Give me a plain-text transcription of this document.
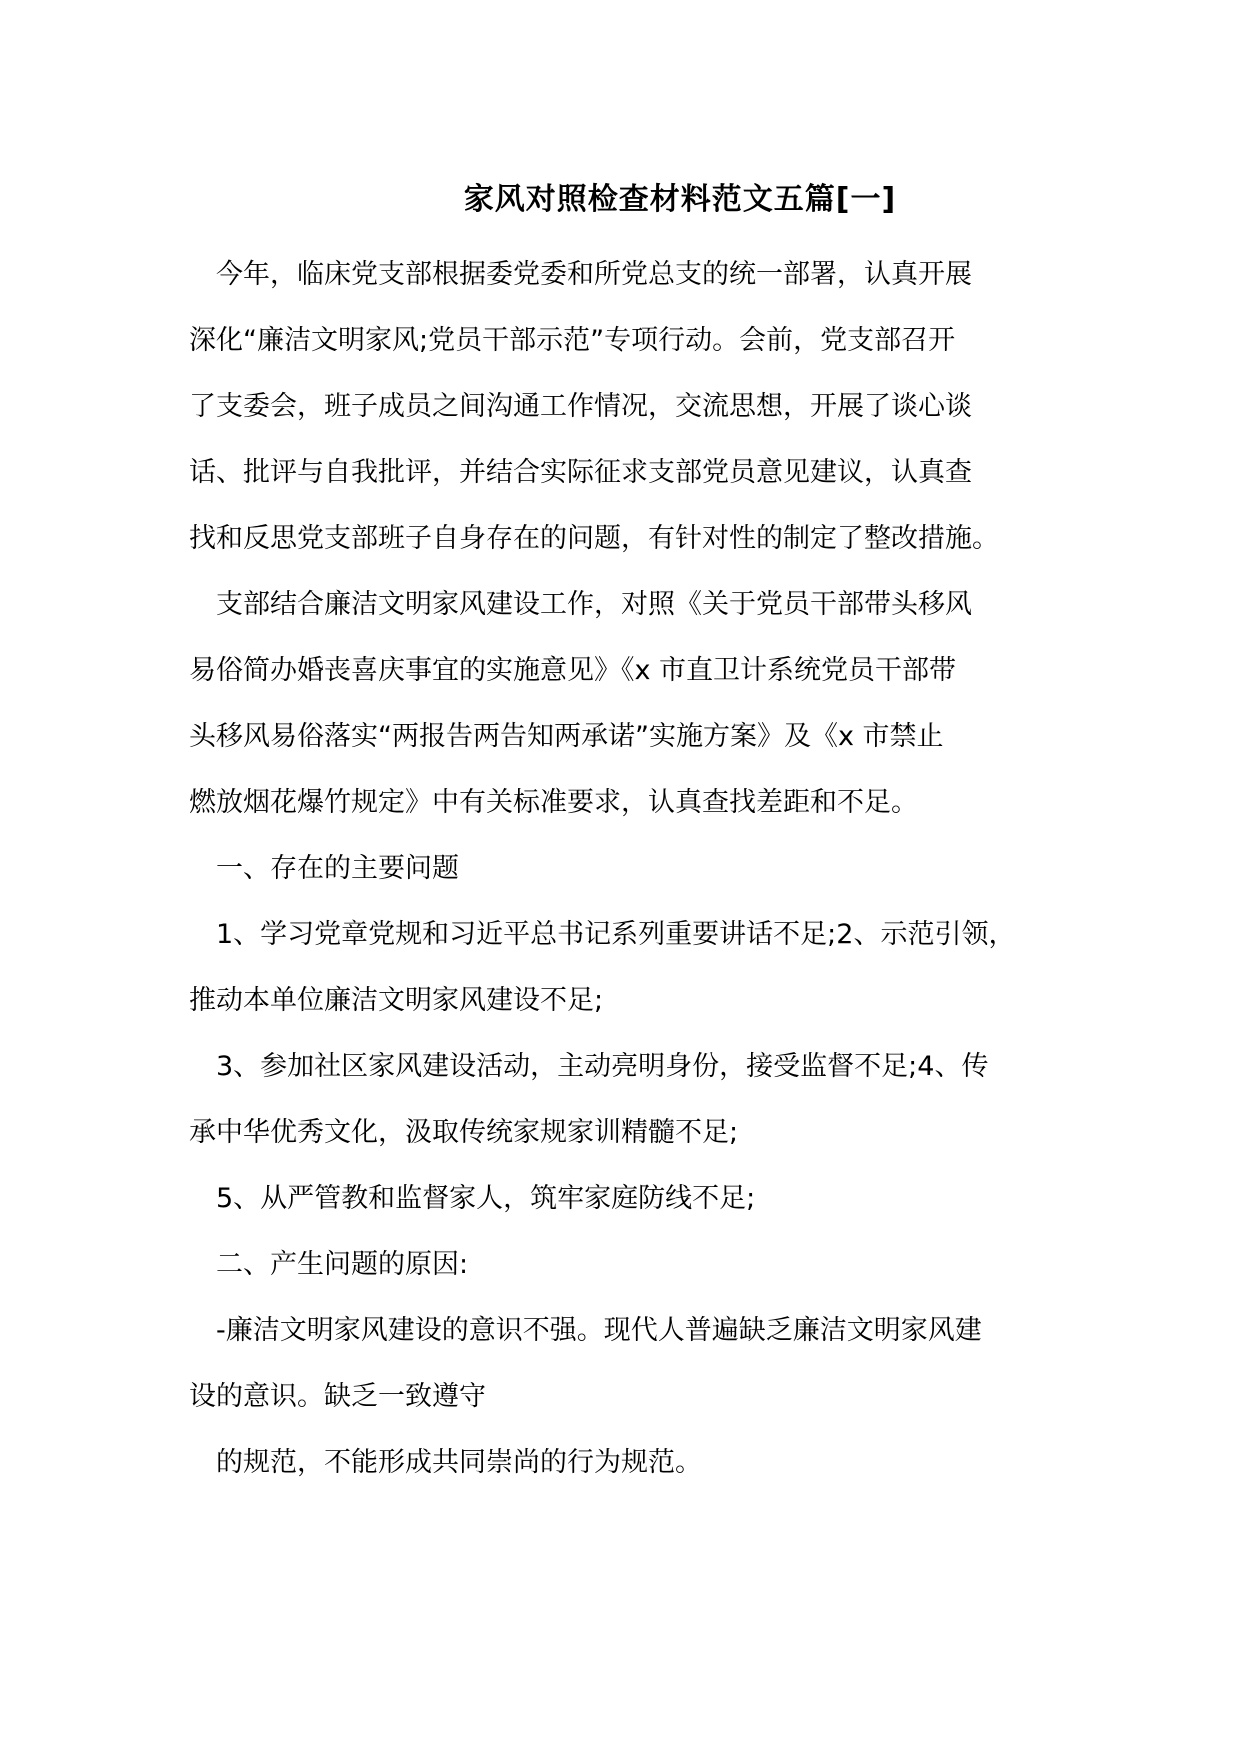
家风对照检查材料范文五篇[一]
今年，临床党支部根据委党委和所党总支的统一部署，认真开展
深化“廉洁文明家风;党员干部示范”专项行动。会前，党支部召开
了支委会，班子成员之间沟通工作情况，交流思想，开展了谈心谈
话、批评与自我批评，并结合实际征求支部党员意见建议，认真查
找和反思党支部班子自身存在的问题，有针对性的制定了整改措施。
支部结合廉洁文明家风建设工作，对照《关于党员干部带头移风
易俗简办婚丧喜庆事宜的实施意见》《x 市直卫计系统党员干部带
头移风易俗落实“两报告两告知两承诺”实施方案》及《x 市禁止
燃放烟花爆竹规定》中有关标准要求，认真查找差距和不足。
一、存在的主要问题
1、学习党章党规和习近平总书记系列重要讲话不足;2、示范引领，
推动本单位廉洁文明家风建设不足;
3、参加社区家风建设活动，主动亮明身份，接受监督不足;4、传
承中华优秀文化，汲取传统家规家训精髓不足;
5、从严管教和监督家人，筑牢家庭防线不足;
二、产生问题的原因:
-廉洁文明家风建设的意识不强。现代人普遍缺乏廉洁文明家风建
设的意识。缺乏一致遵守
的规范，不能形成共同崇尚的行为规范。
